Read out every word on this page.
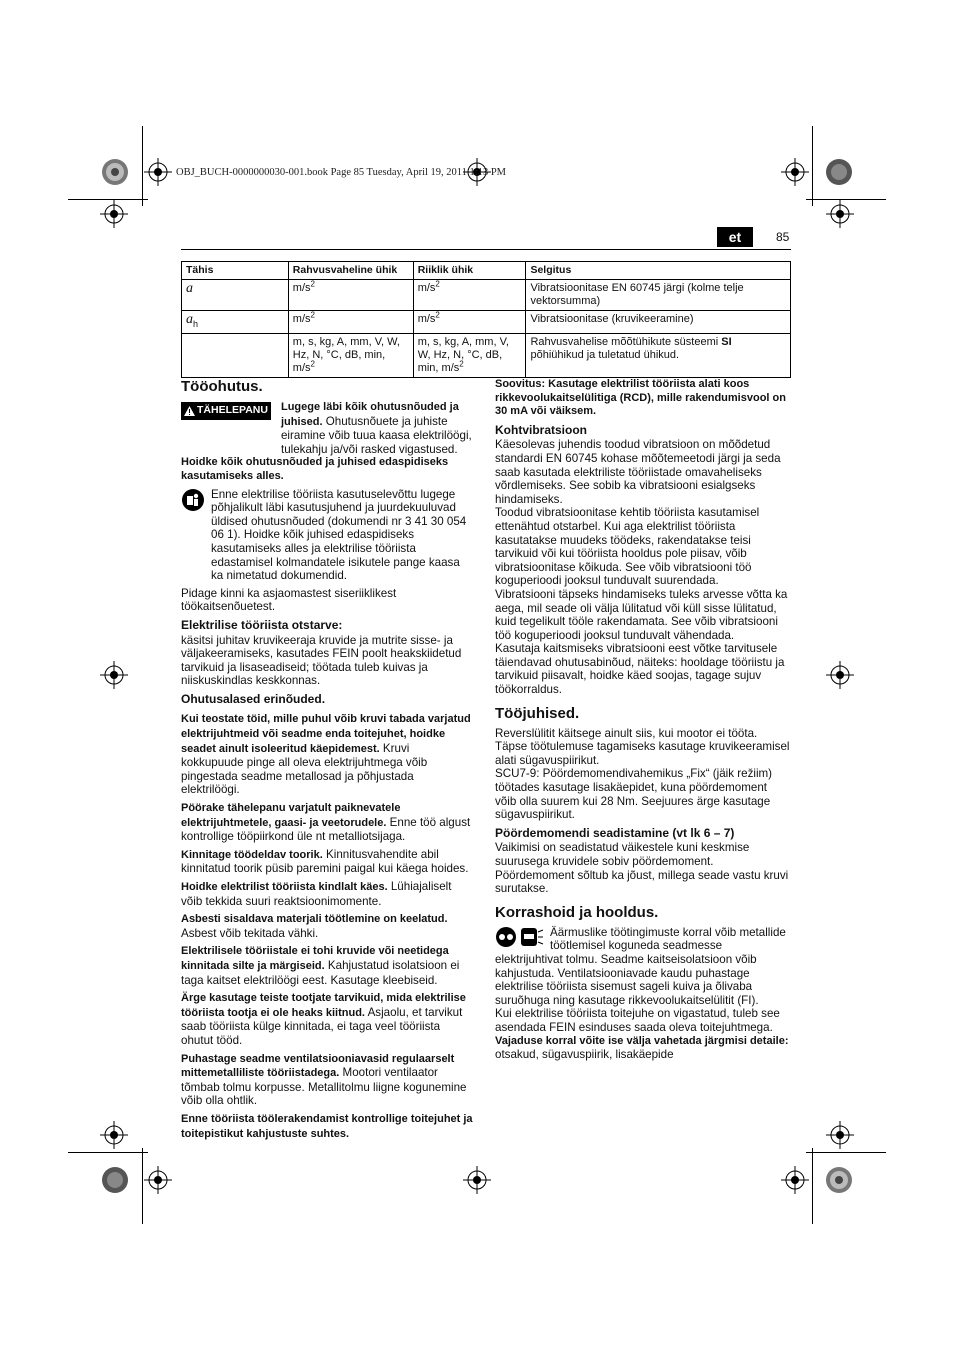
OBJ_BUCH-0000000030-001.book Page 85 Tuesday, April 19, 2011 1:13 PM
et	85
Tähis	Rahvusvaheline ühik	Riiklik ühik	Selgitus
a	$m/s^2$	$m/s^2$	Vibratsioonitase EN 60745 järgi (kolme telje vektorsumma)
$a_h$	$m/s^2$	$m/s^2$	Vibratsioonitase (kruvikeeramine)
	m, s, kg, A, mm, V, W, Hz, N, °C, dB, min, $m/s^2$	m, s, kg, A, mm, V, W, Hz, N, °C, dB, min, $m/s^2$	Rahvusvahelise mõõtühikute süsteemi SI põhiühikud ja tuletatud ühikud.
Tööohutus.
TÄHELEPANU Lugege läbi kõik ohutusnõuded ja juhised. Ohutusnõuete ja juhiste eiramine võib tuua kaasa elektrilöögi, tulekahju ja/või rasked vigastused.

Hoidke kõik ohutusnõuded ja juhised edaspidiseks kasutamiseks alles.

Enne elektrilise tööriista kasutuselevõttu lugege põhjalikult läbi kasutusjuhend ja juurdekuuluvad üldised ohutusnõuded (dokumendi nr 3 41 30 054 06 1). Hoidke kõik juhised edaspidiseks kasutamiseks alles ja elektrilise tööriista edastamisel kolmandatele isikutele pange kaasa ka nimetatud dokumendid.

Pidage kinni ka asjaomastest siseriiklikest töökaitsenõuetest.

Elektrilise tööriista otstarve:

käsitsi juhitav kruvikeeraja kruvide ja mutrite sisse- ja väljakeeramiseks, kasutades FEIN poolt heakskiidetud tarvikuid ja lisaseadiseid; töötada tuleb kuivas ja niiskuskindlas keskkonnas.

Ohutusalased erinõuded.

Kui teostate töid, mille puhul võib kruvi tabada varjatud elektrijuhtmeid või seadme enda toitejuhet, hoidke seadet ainult isoleeritud käepidemest. Kruvi kokkupuude pinge all oleva elektrijuhtmega võib pingestada seadme metallosad ja põhjustada elektrilöögi.

Pöörake tähelepanu varjatult paiknevatele elektrijuhtmetele, gaasi- ja veetorudele. Enne töö algust kontrollige tööpiirkond üle nt metalliotsijaga.

Kinnitage töödeldav toorik. Kinnitusvahendite abil kinnitatud toorik püsib paremini paigal kui käega hoides.

Hoidke elektrilist tööriista kindlalt käes. Lühiajaliselt võib tekkida suuri reaktsioonimomente.

Asbesti sisaldava materjali töötlemine on keelatud. Asbest võib tekitada vähki.

Elektrilisele tööriistale ei tohi kruvide või neetidega kinnitada silte ja märgiseid. Kahjustatud isolatsioon ei taga kaitset elektrilöögi eest. Kasutage kleebiseid.

Ärge kasutage teiste tootjate tarvikuid, mida elektrilise tööriista tootja ei ole heaks kiitnud. Asjaolu, et tarvikut saab tööriista külge kinnitada, ei taga veel tööriista ohutut tööd.

Puhastage seadme ventilatsiooniavasid regulaarselt mittemetalliliste tööriistadega. Mootori ventilaator tõmbab tolmu korpusse. Metallitolmu liigne kogunemine võib olla ohtlik.

Enne tööriista töölerakendamist kontrollige toitejuhet ja toitepistikut kahjustuste suhtes.

Soovitus: Kasutage elektrilist tööriista alati koos rikkevoolukaitselülitiga (RCD), mille rakendumisvool on 30 mA või väiksem.

Kohtvibratsioon

Käesolevas juhendis toodud vibratsioon on mõõdetud standardi EN 60745 kohase mõõtemeetodi järgi ja seda saab kasutada elektriliste tööriistade omavaheliseks võrdlemiseks. See sobib ka vibratsiooni esialgseks hindamiseks.

Toodud vibratsioonitase kehtib tööriista kasutamisel ettenähtud otstarbel. Kui aga elektrilist tööriista kasutatakse muudeks töödeks, rakendatakse teisi tarvikuid või kui tööriista hooldus pole piisav, võib vibratsioonitase kõikuda. See võib vibratsiooni töö koguperioodi jooksul tunduvalt suurendada.

Vibratsiooni täpseks hindamiseks tuleks arvesse võtta ka aega, mil seade oli välja lülitatud või küll sisse lülitatud, kuid tegelikult tööle rakendamata. See võib vibratsiooni töö koguperioodi jooksul tunduvalt vähendada.

Kasutaja kaitsmiseks vibratsiooni eest võtke tarvitusele täiendavad ohutusabinõud, näiteks: hooldage tööriistu ja tarvikuid piisavalt, hoidke käed soojas, tagage sujuv töökorraldus.

Tööjuhised.

Reverslülitit käitsege ainult siis, kui mootor ei tööta.

Täpse töötulemuse tagamiseks kasutage kruvikeeramisel alati sügavuspiirikut.

SCU7-9: Pöördemomendivahemikus „Fix“ (jäik režiim) töötades kasutage lisakäepidet, kuna pöördemoment võib olla suurem kui 28 Nm. Seejuures ärge kasutage sügavuspiirikut.

Pöördemomendi seadistamine (vt lk 6 – 7)

Vaikimisi on seadistatud väikestele kuni keskmise suurusega kruvidele sobiv pöördemoment.

Pöördemoment sõltub ka jõust, millega seade vastu kruvi surutakse.

Korrashoid ja hooldus.

Äärmuslike töötingimuste korral võib metallide töötlemisel koguneda seadmesse elektrijuhtivat tolmu. Seadme kaitseisolatsioon võib kahjustuda. Ventilatsiooniavade kaudu puhastage elektrilise tööriista sisemust sageli kuiva ja õlivaba suruõhuga ning kasutage rikkevoolukaitselülitit (FI).

Kui elektrilise tööriista toitejuhe on vigastatud, tuleb see asendada FEIN esinduses saada oleva toitejuhtmega.

Vajaduse korral võite ise välja vahetada järgmisi detaile:

otsakud, sügavuspiirik, lisakäepide
